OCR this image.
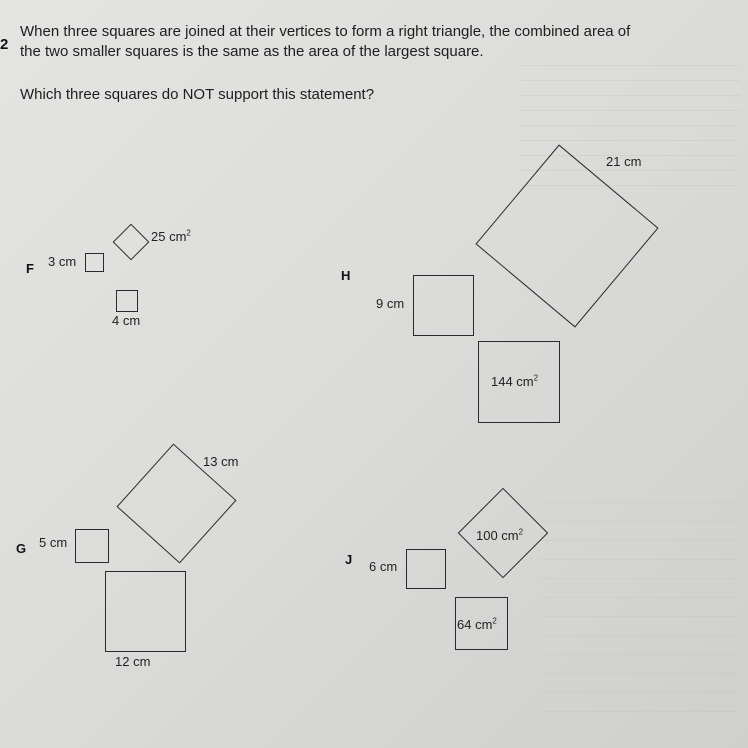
2
When three squares are joined at their vertices to form a right triangle, the combined area of
the two smaller squares is the same as the area of the largest square.
Which three squares do NOT support this statement?
F 3 cm
4 cm
25 $cm^2$
H
9 cm
144 $cm^2$
21 cm
G 5 cm
12 cm
13 cm
J 6 cm
64 $cm^2$
100 $cm^2$
